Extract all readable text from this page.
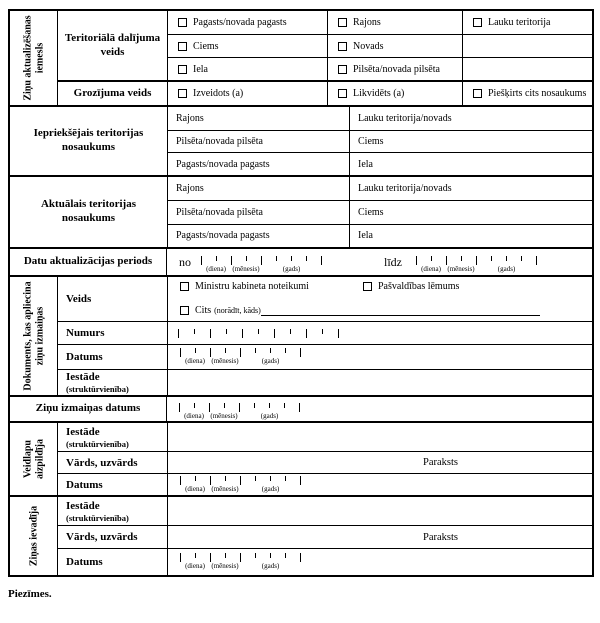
Ziņu aktualizēšanas iemesls
Teritoriālā dalījuma veids
Pagasts/novada pagasts	Rajons	Lauku teritorija
Ciems	Novads
Iela	Pilsēta/novada pilsēta
Grozījuma veids	Izveidots (a)	Likvidēts (a)	Piešķirts cits nosaukums
Iepriekšējais teritorijas nosaukums
Rajons	Lauku teritorija/novads
Pilsēta/novada pilsēta	Ciems
Pagasts/novada pagasts	Iela
Aktuālais teritorijas nosaukums
Rajons	Lauku teritorija/novads
Pilsēta/novada pilsēta	Ciems
Pagasts/novada pagasts	Iela
Datu aktualizācijas periods	no
(diena) (mēnesis)	(gads)
līdz
(diena) (mēnesis)	(gads)
Dokuments, kas apliecina ziņu izmaiņas
Veids
Ministru kabineta noteikumi	Pašvaldības lēmums
Cits (norādīt, kāds)
Numurs
Datums	(diena) (mēnesis)	(gads)
Iestāde
(struktūrvienība)
Ziņu izmaiņas datums
(diena) (mēnesis)	(gads)
Veidlapu aizpildīja
Iestāde
(struktūrvienība)
Vārds, uzvārds	Paraksts
Datums	(diena) (mēnesis)	(gads)
Ziņas ievadīja
Iestāde
(struktūrvienība)
Vārds, uzvārds	Paraksts
Datums	(diena) (mēnesis)	(gads)
Piezīmes.
